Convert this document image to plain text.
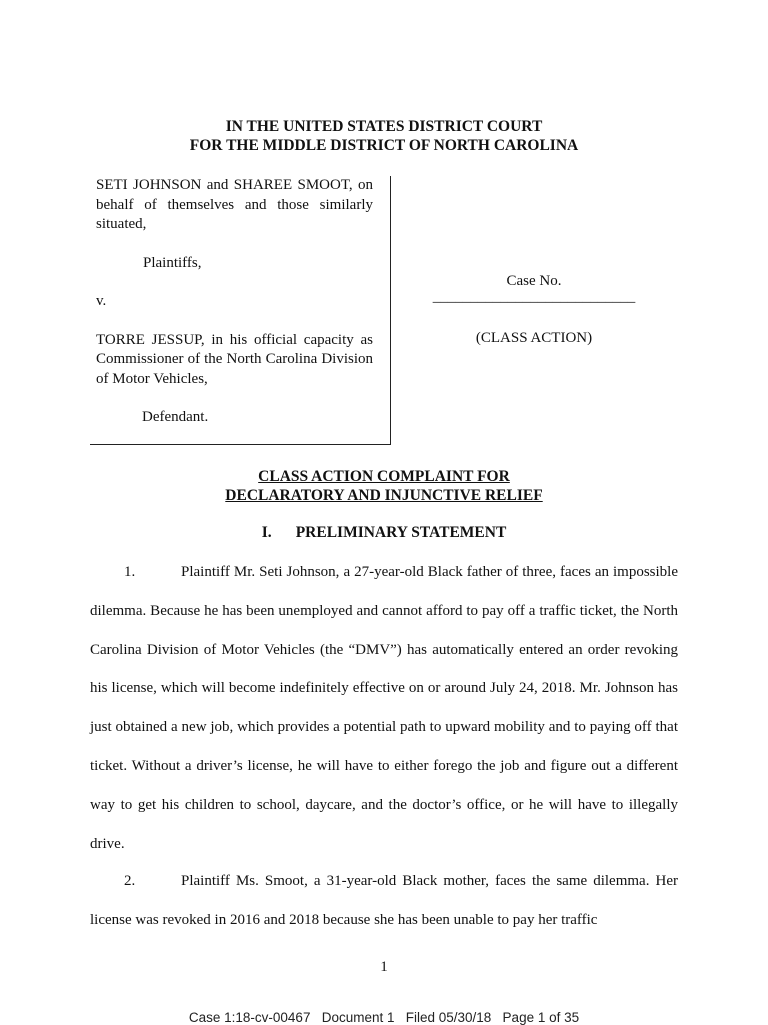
IN THE UNITED STATES DISTRICT COURT
FOR THE MIDDLE DISTRICT OF NORTH CAROLINA
SETI JOHNSON and SHAREE SMOOT, on behalf of themselves and those similarly situated,
Plaintiffs,
v.
TORRE JESSUP, in his official capacity as Commissioner of the North Carolina Division of Motor Vehicles,
Defendant.
Case No.
___________________________
(CLASS ACTION)
CLASS ACTION COMPLAINT FOR
DECLARATORY AND INJUNCTIVE RELIEF
I. PRELIMINARY STATEMENT
1.	Plaintiff Mr. Seti Johnson, a 27-year-old Black father of three, faces an impossible dilemma. Because he has been unemployed and cannot afford to pay off a traffic ticket, the North Carolina Division of Motor Vehicles (the “DMV”) has automatically entered an order revoking his license, which will become indefinitely effective on or around July 24, 2018. Mr. Johnson has just obtained a new job, which provides a potential path to upward mobility and to paying off that ticket. Without a driver’s license, he will have to either forego the job and figure out a different way to get his children to school, daycare, and the doctor’s office, or he will have to illegally drive.
2.	Plaintiff Ms. Smoot, a 31-year-old Black mother, faces the same dilemma. Her license was revoked in 2016 and 2018 because she has been unable to pay her traffic
1
Case 1:18-cv-00467   Document 1   Filed 05/30/18   Page 1 of 35
